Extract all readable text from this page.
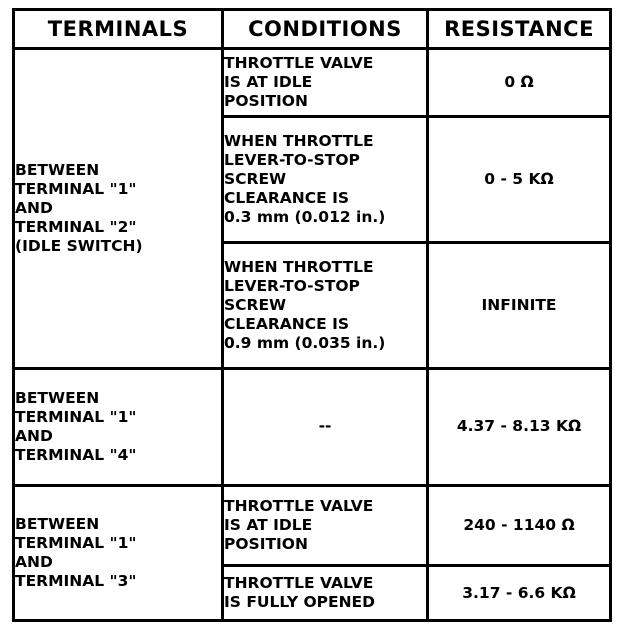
TERMINALS	CONDITIONS	RESISTANCE
BETWEEN
TERMINAL "1"
AND
TERMINAL "2"
(IDLE SWITCH)	THROTTLE VALVE
IS AT IDLE
POSITION	0 Ω
	WHEN THROTTLE
LEVER-TO-STOP
SCREW
CLEARANCE IS
0.3 mm (0.012 in.)	0 - 5 KΩ
	WHEN THROTTLE
LEVER-TO-STOP
SCREW
CLEARANCE IS
0.9 mm (0.035 in.)	INFINITE
BETWEEN
TERMINAL "1"
AND
TERMINAL "4"	--	4.37 - 8.13 KΩ
BETWEEN
TERMINAL "1"
AND
TERMINAL "3"	THROTTLE VALVE
IS AT IDLE
POSITION	240 - 1140 Ω
	THROTTLE VALVE
IS FULLY OPENED	3.17 - 6.6 KΩ
